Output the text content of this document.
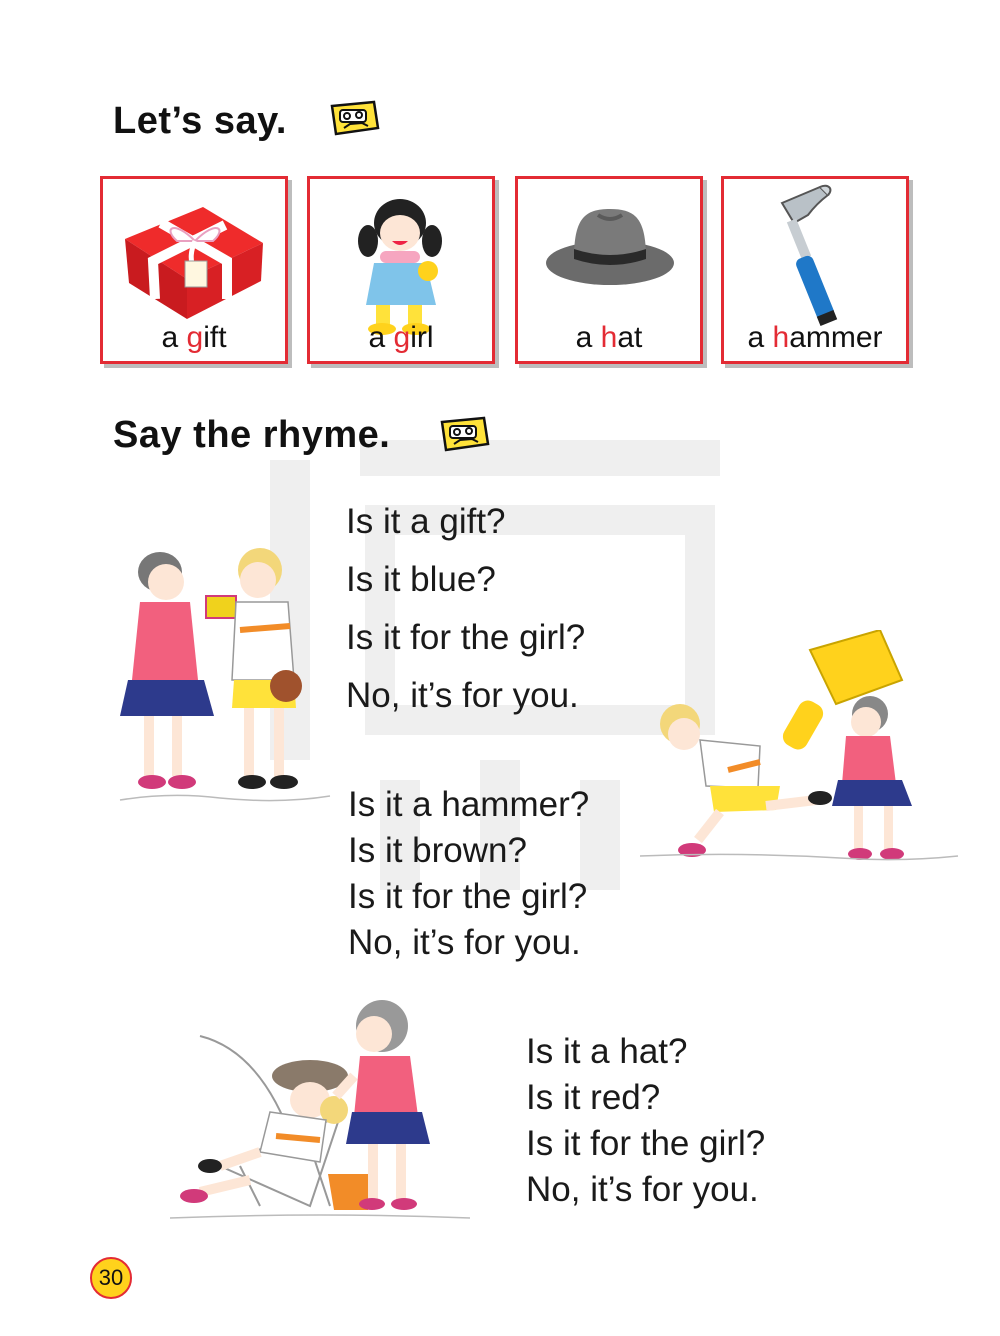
Let’s say.
a gift	a girl	a hat	a hammer
Say the rhyme.
Is it a gift?
Is it blue?
Is it for the girl?
No, it’s for you.
Is it a hammer?
Is it brown?
Is it for the girl?
No, it’s for you.
Is it a hat?
Is it red?
Is it for the girl?
No, it’s for you.
30
